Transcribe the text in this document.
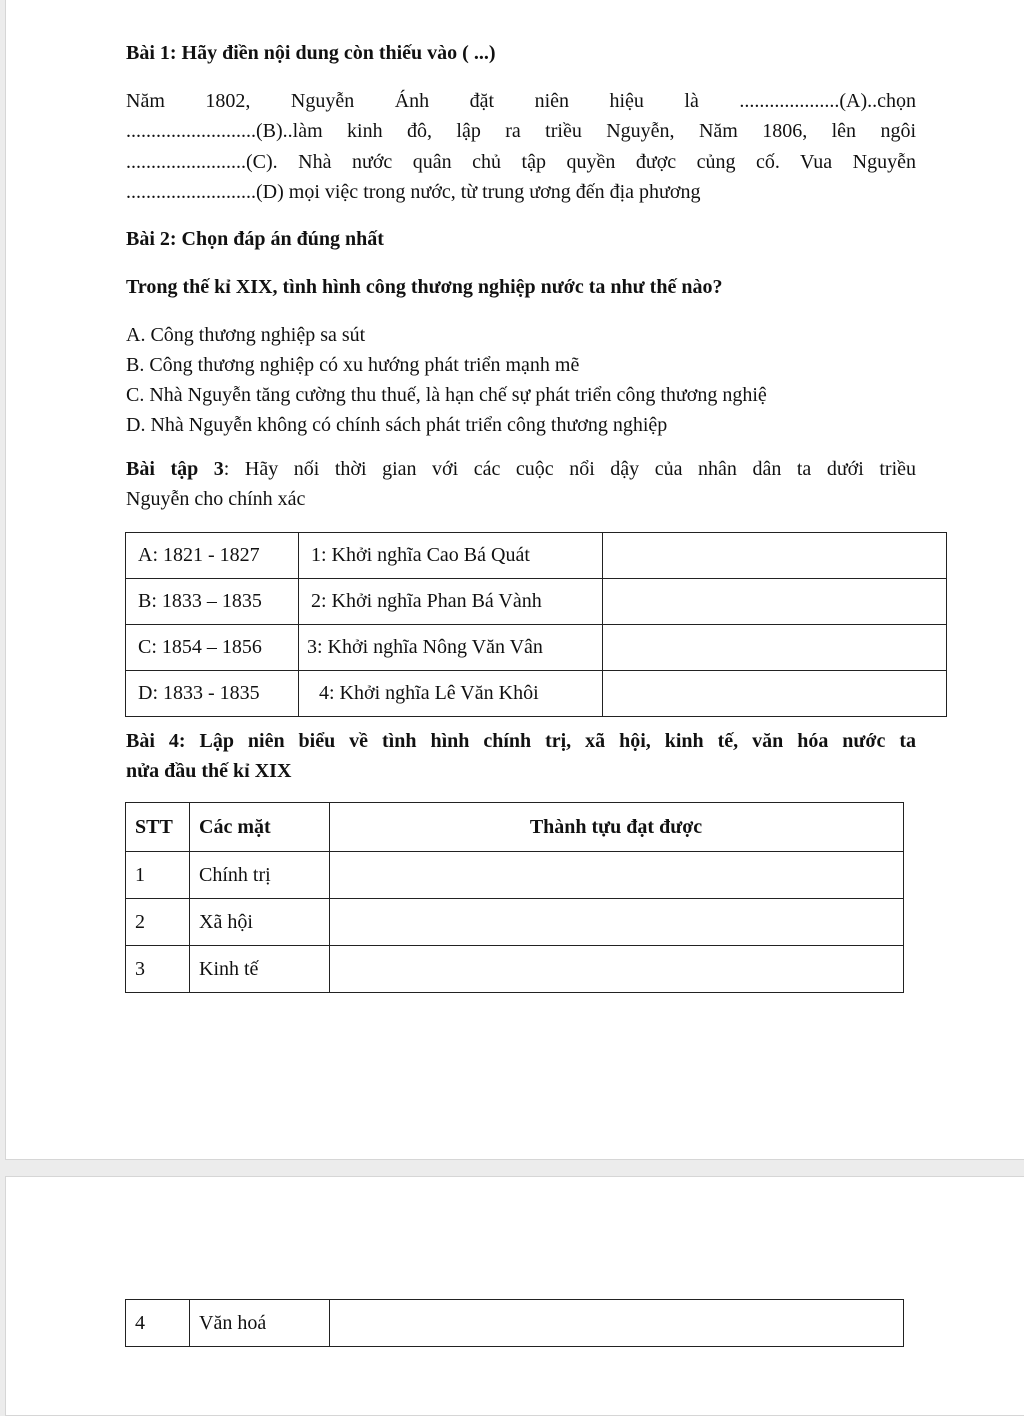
Bài 1: Hãy điền nội dung còn thiếu vào ( ...)
Năm 1802, Nguyễn Ánh đặt niên hiệu là ....................(A)..chọn
..........................(B)..làm kinh đô, lập ra triều Nguyễn, Năm 1806, lên ngôi
........................(C). Nhà nước quân chủ tập quyền được củng cố. Vua Nguyễn
..........................(D) mọi việc trong nước, từ trung ương đến địa phương
Bài 2: Chọn đáp án đúng nhất
Trong thế kỉ XIX, tình hình công thương nghiệp nước ta như thế nào?
A. Công thương nghiệp sa sút
B. Công thương nghiệp có xu hướng phát triển mạnh mẽ
C. Nhà Nguyễn tăng cường thu thuế, là hạn chế sự phát triển công thương nghiệ
D. Nhà Nguyễn không có chính sách phát triển công thương nghiệp
Bài tập 3: Hãy nối thời gian với các cuộc nổi dậy của nhân dân ta dưới triều
Nguyễn cho chính xác
A: 1821 - 1827	1: Khởi nghĩa Cao Bá Quát	
B: 1833 – 1835	2: Khởi nghĩa Phan Bá Vành	
C: 1854 – 1856	3: Khởi nghĩa Nông Văn Vân	
D: 1833 - 1835	4: Khởi nghĩa Lê Văn Khôi	
Bài 4: Lập niên biểu về tình hình chính trị, xã hội, kinh tế, văn hóa nước ta
nửa đầu thế kỉ XIX
STT	Các mặt	Thành tựu đạt được
1	Chính trị	
2	Xã hội	
3	Kinh tế	
4	Văn hoá	
